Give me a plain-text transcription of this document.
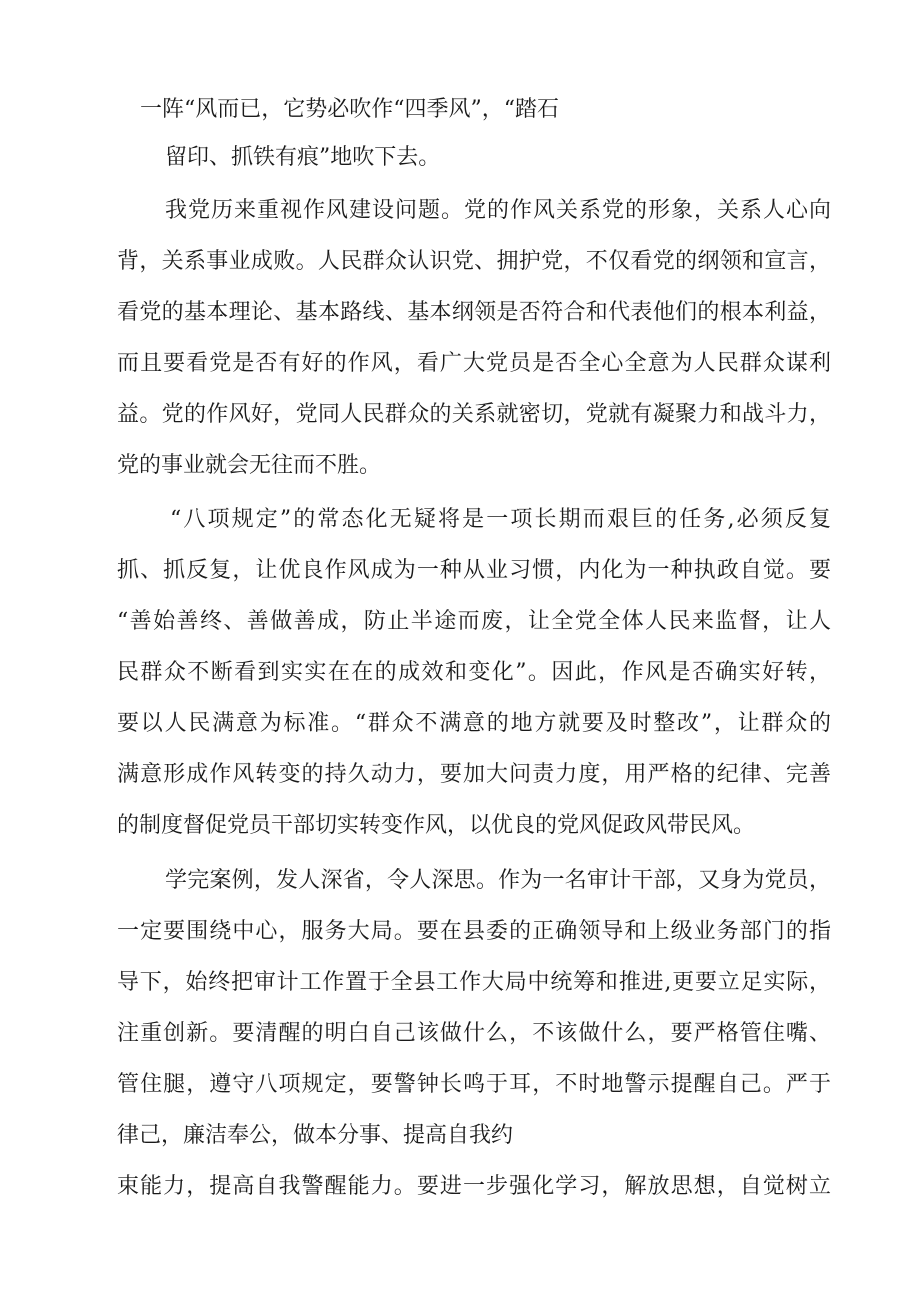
一阵“风而已，它势必吹作“四季风”，“踏石
留印、抓铁有痕”地吹下去。
我党历来重视作风建设问题。党的作风关系党的形象，关系人心向
背，关系事业成败。人民群众认识党、拥护党，不仅看党的纲领和宣言，
看党的基本理论、基本路线、基本纲领是否符合和代表他们的根本利益，
而且要看党是否有好的作风，看广大党员是否全心全意为人民群众谋利
益。党的作风好，党同人民群众的关系就密切，党就有凝聚力和战斗力，
党的事业就会无往而不胜。
“八项规定”的常态化无疑将是一项长期而艰巨的任务,必须反复
抓、抓反复，让优良作风成为一种从业习惯，内化为一种执政自觉。要
“善始善终、善做善成，防止半途而废，让全党全体人民来监督，让人
民群众不断看到实实在在的成效和变化”。因此，作风是否确实好转，
要以人民满意为标准。“群众不满意的地方就要及时整改”，让群众的
满意形成作风转变的持久动力，要加大问责力度，用严格的纪律、完善
的制度督促党员干部切实转变作风，以优良的党风促政风带民风。
学完案例，发人深省，令人深思。作为一名审计干部，又身为党员，
一定要围绕中心，服务大局。要在县委的正确领导和上级业务部门的指
导下，始终把审计工作置于全县工作大局中统筹和推进,更要立足实际，
注重创新。要清醒的明白自己该做什么，不该做什么，要严格管住嘴、
管住腿，遵守八项规定，要警钟长鸣于耳，不时地警示提醒自己。严于
律己，廉洁奉公，做本分事、提高自我约
束能力，提高自我警醒能力。要进一步强化学习，解放思想，自觉树立
